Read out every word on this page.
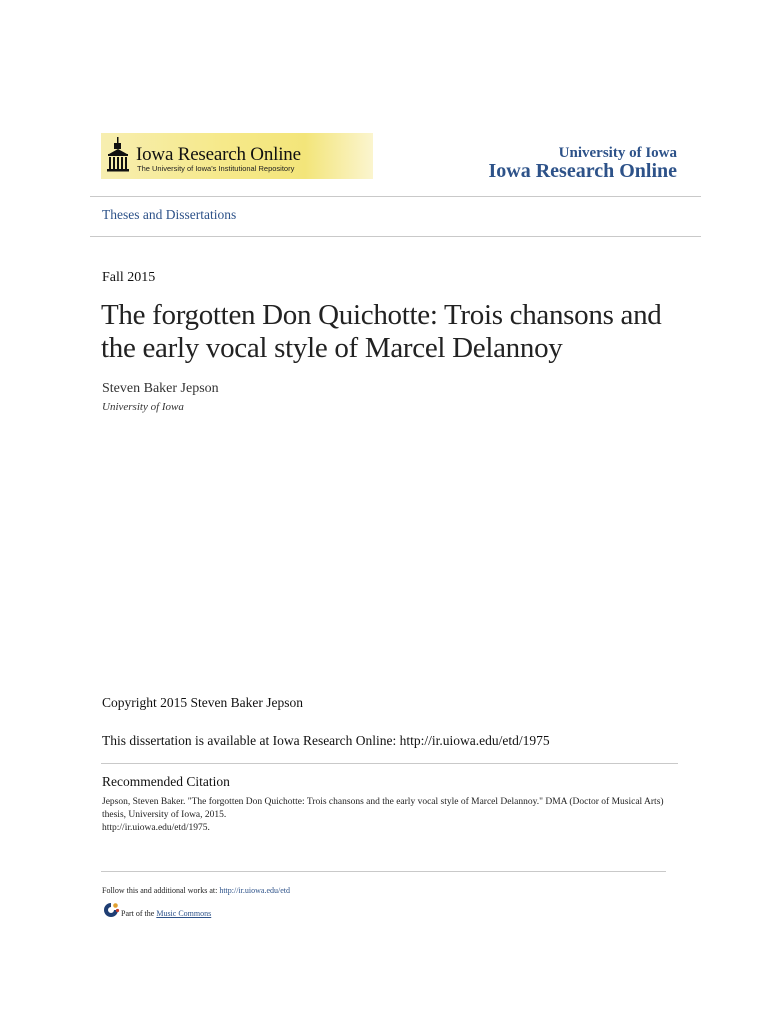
Iowa Research Online
The University of Iowa's Institutional Repository
University of Iowa
Iowa Research Online
Theses and Dissertations
Fall 2015
The forgotten Don Quichotte: Trois chansons and the early vocal style of Marcel Delannoy
Steven Baker Jepson
University of Iowa
Copyright 2015 Steven Baker Jepson
This dissertation is available at Iowa Research Online: http://ir.uiowa.edu/etd/1975
Recommended Citation
Jepson, Steven Baker. "The forgotten Don Quichotte: Trois chansons and the early vocal style of Marcel Delannoy." DMA (Doctor of Musical Arts) thesis, University of Iowa, 2015.
http://ir.uiowa.edu/etd/1975.
Follow this and additional works at: http://ir.uiowa.edu/etd
Part of the Music Commons
